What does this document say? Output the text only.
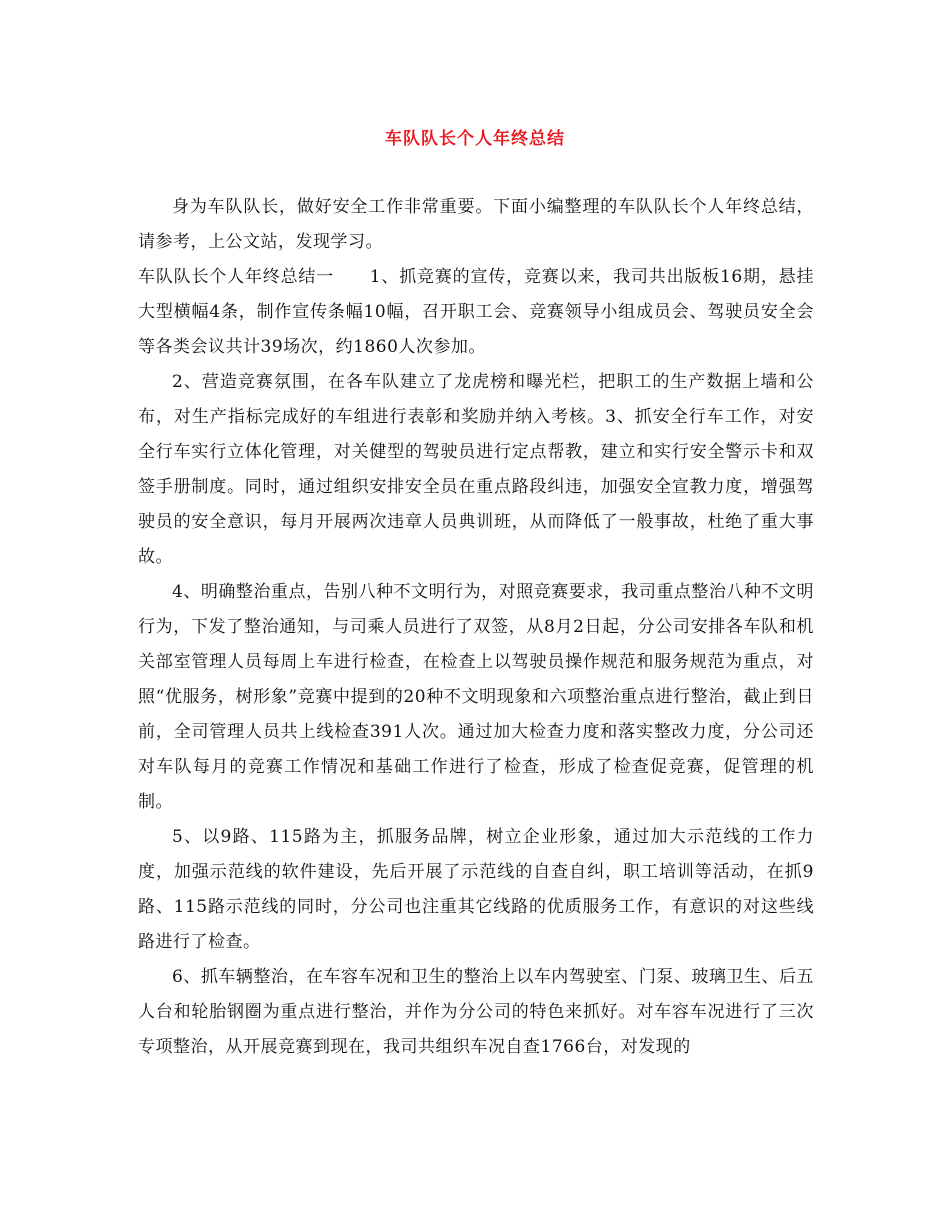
车队队长个人年终总结

身为车队队长，做好安全工作非常重要。下面小编整理的车队队长个人年终总结，请参考，上公文站，发现学习。

车队队长个人年终总结一　　1、抓竞赛的宣传，竞赛以来，我司共出版板16期，悬挂大型横幅4条，制作宣传条幅10幅，召开职工会、竞赛领导小组成员会、驾驶员安全会等各类会议共计39场次，约1860人次参加。

2、营造竞赛氛围，在各车队建立了龙虎榜和曝光栏，把职工的生产数据上墙和公布，对生产指标完成好的车组进行表彰和奖励并纳入考核。3、抓安全行车工作，对安全行车实行立体化管理，对关健型的驾驶员进行定点帮教，建立和实行安全警示卡和双签手册制度。同时，通过组织安排安全员在重点路段纠违，加强安全宣教力度，增强驾驶员的安全意识，每月开展两次违章人员典训班，从而降低了一般事故，杜绝了重大事故。

4、明确整治重点，告别八种不文明行为，对照竞赛要求，我司重点整治八种不文明行为，下发了整治通知，与司乘人员进行了双签，从8月2日起，分公司安排各车队和机关部室管理人员每周上车进行检查，在检查上以驾驶员操作规范和服务规范为重点，对照“优服务，树形象”竞赛中提到的20种不文明现象和六项整治重点进行整治，截止到日前，全司管理人员共上线检查391人次。通过加大检查力度和落实整改力度，分公司还对车队每月的竞赛工作情况和基础工作进行了检查，形成了检查促竞赛，促管理的机制。

5、以9路、115路为主，抓服务品牌，树立企业形象，通过加大示范线的工作力度，加强示范线的软件建设，先后开展了示范线的自查自纠，职工培训等活动，在抓9路、115路示范线的同时，分公司也注重其它线路的优质服务工作，有意识的对这些线路进行了检查。

6、抓车辆整治，在车容车况和卫生的整治上以车内驾驶室、门泵、玻璃卫生、后五人台和轮胎钢圈为重点进行整治，并作为分公司的特色来抓好。对车容车况进行了三次专项整治，从开展竞赛到现在，我司共组织车况自查1766台，对发现的
